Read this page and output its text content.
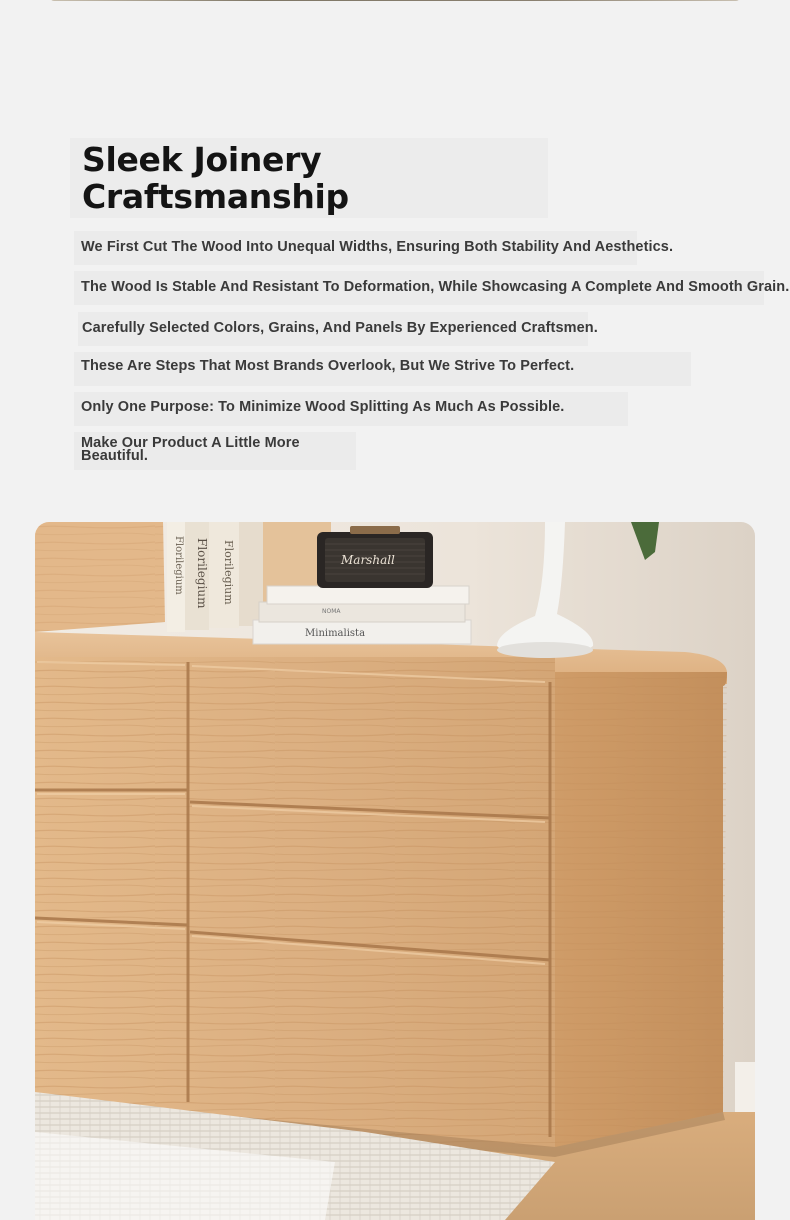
Sleek Joinery Craftsmanship

We First Cut The Wood Into Unequal Widths, Ensuring Both Stability And Aesthetics.

The Wood Is Stable And Resistant To Deformation, While Showcasing A Complete And Smooth Grain.

Carefully Selected Colors, Grains, And Panels By Experienced Craftsmen.

These Are Steps That Most Brands Overlook, But We Strive To Perfect.

Only One Purpose: To Minimize Wood Splitting As Much As Possible.

Make Our Product A Little More Beautiful.

Florilegium Florilegium Florilegium
Minimalista
NOMA
Marshall
